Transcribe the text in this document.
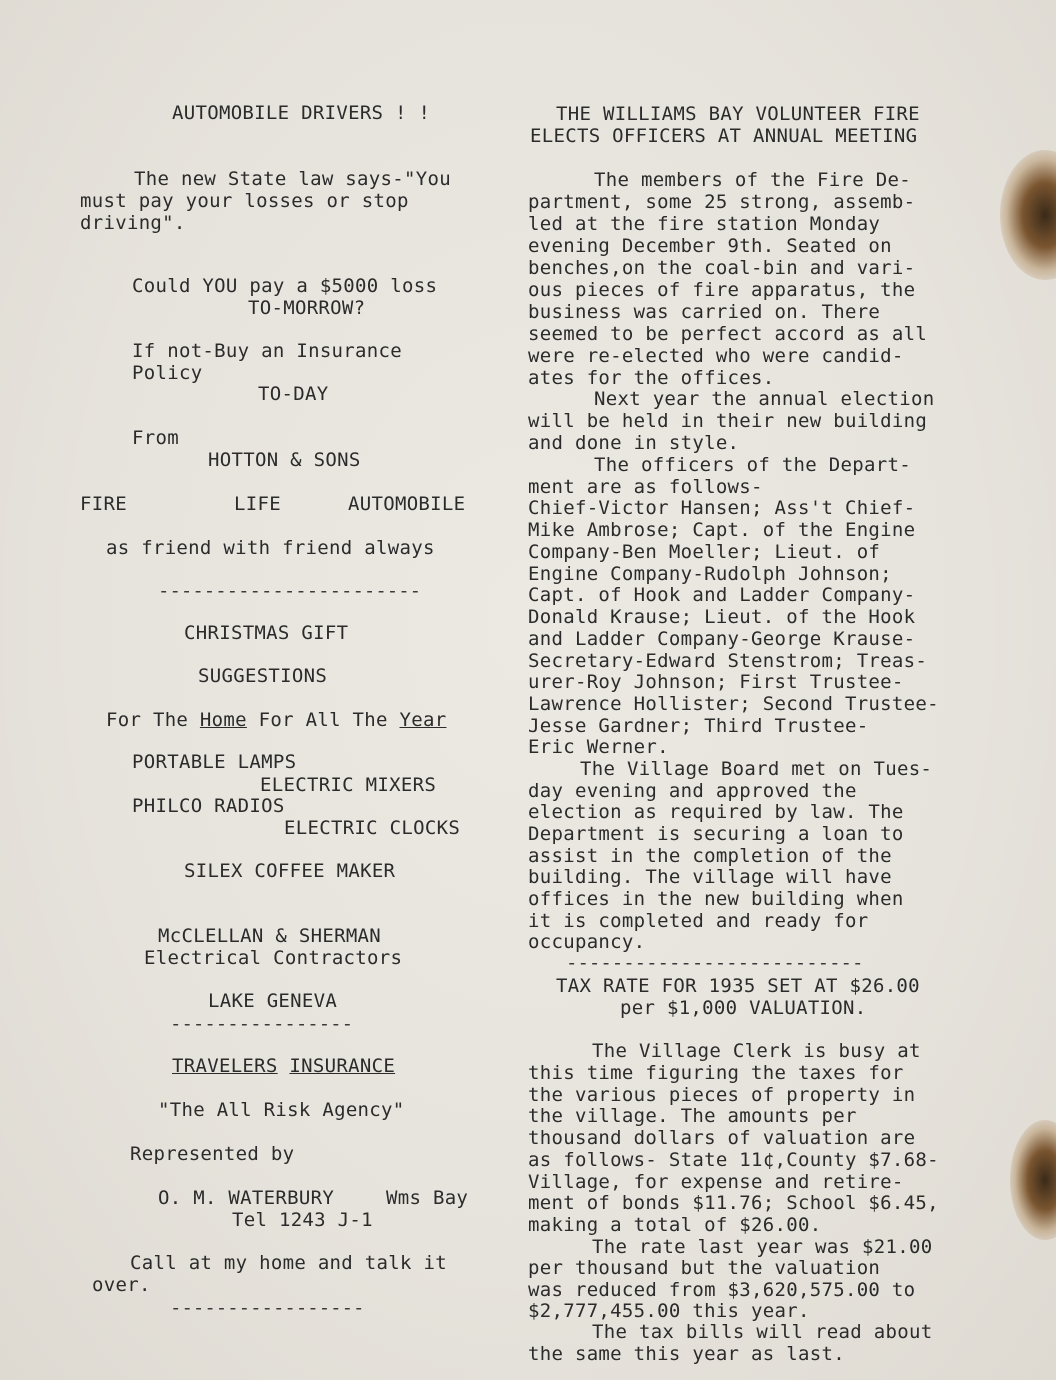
AUTOMOBILE DRIVERS ! !
The new State law says-"You
must pay your losses or stop
driving".
Could YOU pay a $5000 loss
TO-MORROW?
If not-Buy an Insurance
Policy
TO-DAY
From
HOTTON & SONS
FIRE	LIFE	AUTOMOBILE
as friend with friend always
-----------------------
CHRISTMAS GIFT
SUGGESTIONS
For The Home For All The Year
PORTABLE LAMPS
ELECTRIC MIXERS
PHILCO RADIOS
ELECTRIC CLOCKS
SILEX COFFEE MAKER
McCLELLAN & SHERMAN
Electrical Contractors
LAKE GENEVA
----------------
TRAVELERS INSURANCE
"The All Risk Agency"
Represented by
O. M. WATERBURY	Wms Bay
Tel 1243 J-1
Call at my home and talk it
over.
-----------------
THE WILLIAMS BAY VOLUNTEER FIRE
ELECTS OFFICERS AT ANNUAL MEETING
The members of the Fire De-
partment, some 25 strong, assemb-
led at the fire station Monday
evening December 9th. Seated on
benches,on the coal-bin and vari-
ous pieces of fire apparatus, the
business was carried on. There
seemed to be perfect accord as all
were re-elected who were candid-
ates for the offices.
Next year the annual election
will be held in their new building
and done in style.
The officers of the Depart-
ment are as follows-
Chief-Victor Hansen; Ass't Chief-
Mike Ambrose; Capt. of the Engine
Company-Ben Moeller; Lieut. of
Engine Company-Rudolph Johnson;
Capt. of Hook and Ladder Company-
Donald Krause; Lieut. of the Hook
and Ladder Company-George Krause-
Secretary-Edward Stenstrom; Treas-
urer-Roy Johnson; First Trustee-
Lawrence Hollister; Second Trustee-
Jesse Gardner; Third Trustee-
Eric Werner.
The Village Board met on Tues-
day evening and approved the
election as required by law. The
Department is securing a loan to
assist in the completion of the
building. The village will have
offices in the new building when
it is completed and ready for
occupancy.
--------------------------
TAX RATE FOR 1935 SET AT $26.00
per $1,000 VALUATION.
The Village Clerk is busy at
this time figuring the taxes for
the various pieces of property in
the village. The amounts per
thousand dollars of valuation are
as follows- State 11¢,County $7.68-
Village, for expense and retire-
ment of bonds $11.76; School $6.45,
making a total of $26.00.
The rate last year was $21.00
per thousand but the valuation
was reduced from $3,620,575.00 to
$2,777,455.00 this year.
The tax bills will read about
the same this year as last.
